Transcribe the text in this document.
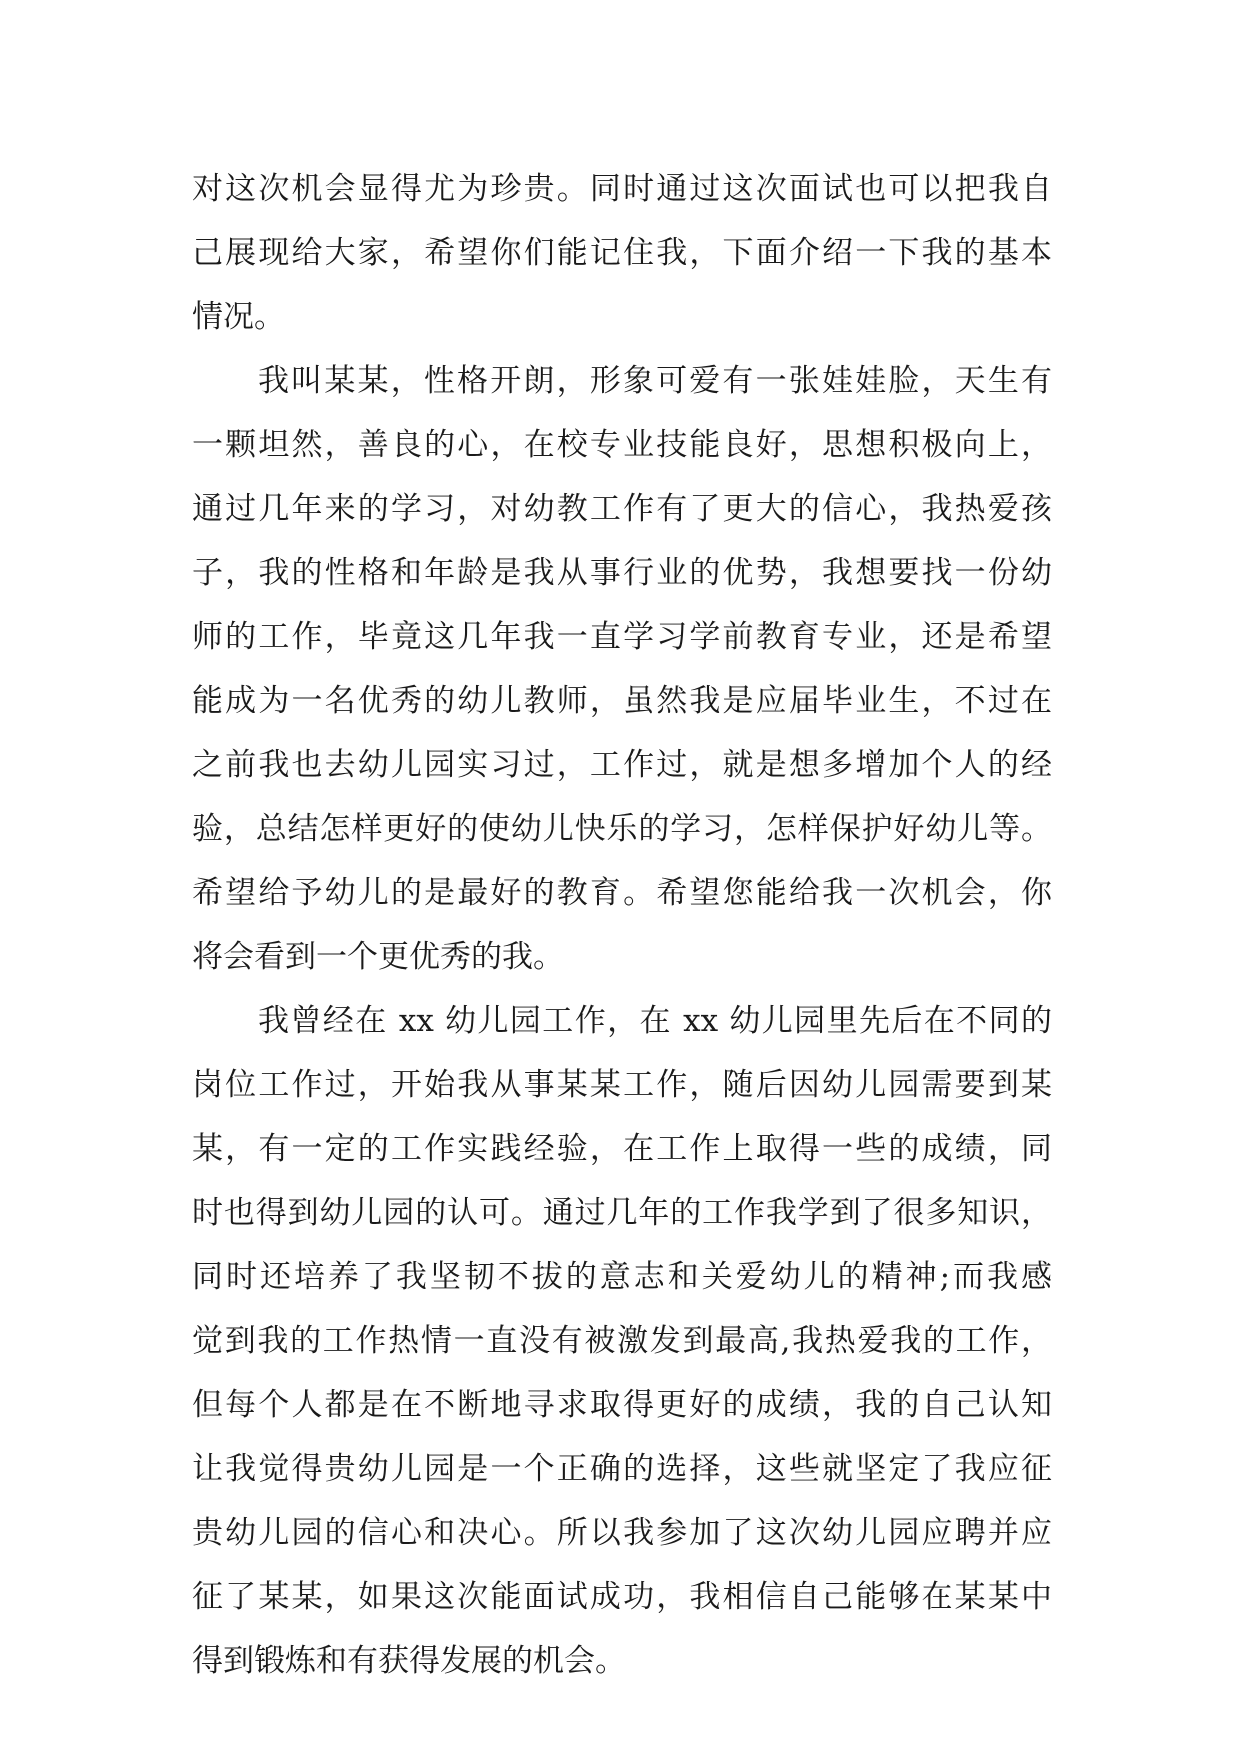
对这次机会显得尤为珍贵。同时通过这次面试也可以把我自
己展现给大家，希望你们能记住我，下面介绍一下我的基本
情况。
我叫某某，性格开朗，形象可爱有一张娃娃脸，天生有
一颗坦然，善良的心，在校专业技能良好，思想积极向上，
通过几年来的学习，对幼教工作有了更大的信心，我热爱孩
子，我的性格和年龄是我从事行业的优势，我想要找一份幼
师的工作，毕竟这几年我一直学习学前教育专业，还是希望
能成为一名优秀的幼儿教师，虽然我是应届毕业生，不过在
之前我也去幼儿园实习过，工作过，就是想多增加个人的经
验，总结怎样更好的使幼儿快乐的学习，怎样保护好幼儿等。
希望给予幼儿的是最好的教育。希望您能给我一次机会，你
将会看到一个更优秀的我。
我曾经在 xx 幼儿园工作，在 xx 幼儿园里先后在不同的
岗位工作过，开始我从事某某工作，随后因幼儿园需要到某
某，有一定的工作实践经验，在工作上取得一些的成绩，同
时也得到幼儿园的认可。通过几年的工作我学到了很多知识，
同时还培养了我坚韧不拔的意志和关爱幼儿的精神;而我感
觉到我的工作热情一直没有被激发到最高,我热爱我的工作，
但每个人都是在不断地寻求取得更好的成绩，我的自己认知
让我觉得贵幼儿园是一个正确的选择，这些就坚定了我应征
贵幼儿园的信心和决心。所以我参加了这次幼儿园应聘并应
征了某某，如果这次能面试成功，我相信自己能够在某某中
得到锻炼和有获得发展的机会。
